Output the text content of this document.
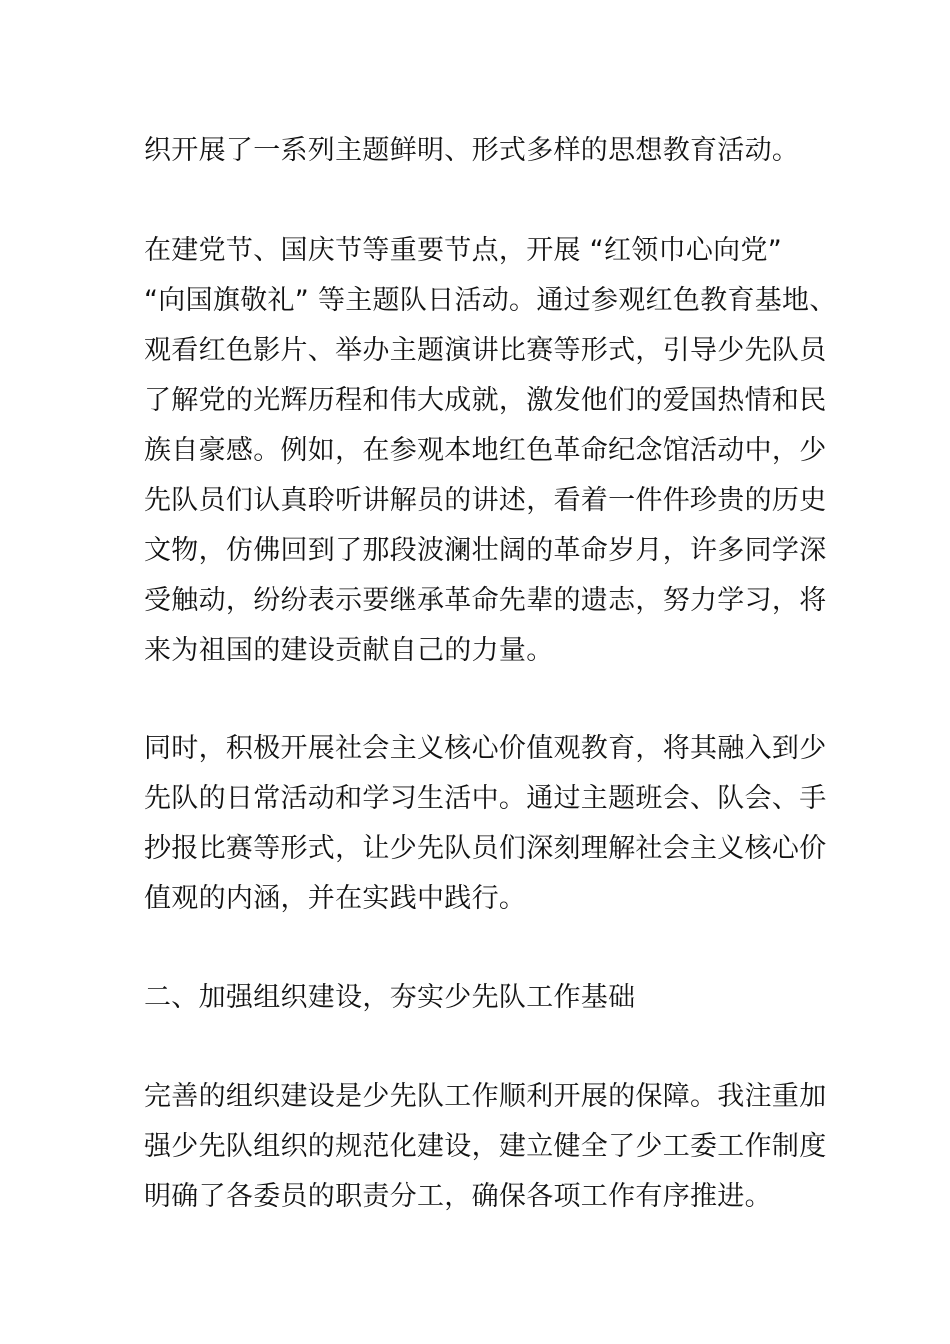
织开展了一系列主题鲜明、形式多样的思想教育活动。

在建党节、国庆节等重要节点，开展 “红领巾心向党”

“向国旗敬礼” 等主题队日活动。通过参观红色教育基地、

观看红色影片、举办主题演讲比赛等形式，引导少先队员

了解党的光辉历程和伟大成就，激发他们的爱国热情和民

族自豪感。例如，在参观本地红色革命纪念馆活动中，少

先队员们认真聆听讲解员的讲述，看着一件件珍贵的历史

文物，仿佛回到了那段波澜壮阔的革命岁月，许多同学深

受触动，纷纷表示要继承革命先辈的遗志，努力学习，将

来为祖国的建设贡献自己的力量。

同时，积极开展社会主义核心价值观教育，将其融入到少

先队的日常活动和学习生活中。通过主题班会、队会、手

抄报比赛等形式，让少先队员们深刻理解社会主义核心价

值观的内涵，并在实践中践行。

二、加强组织建设，夯实少先队工作基础

完善的组织建设是少先队工作顺利开展的保障。我注重加

强少先队组织的规范化建设，建立健全了少工委工作制度

明确了各委员的职责分工，确保各项工作有序推进。
